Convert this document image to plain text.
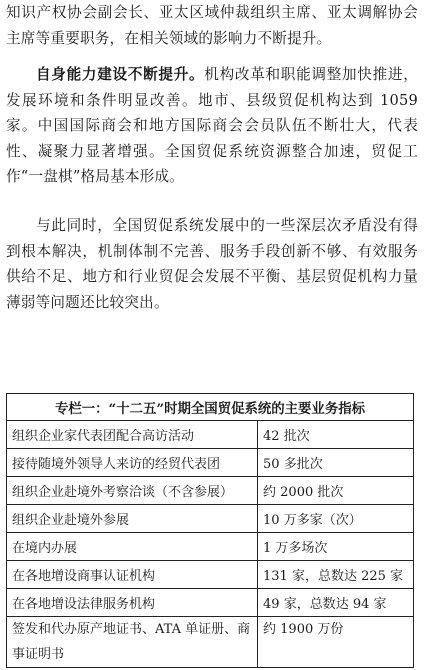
知识产权协会副会长、亚太区域仲裁组织主席、亚太调解协会主席等重要职务，在相关领域的影响力不断提升。

自身能力建设不断提升。机构改革和职能调整加快推进，发展环境和条件明显改善。地市、县级贸促机构达到 1059 家。中国国际商会和地方国际商会会员队伍不断壮大，代表性、凝聚力显著增强。全国贸促系统资源整合加速，贸促工作“一盘棋”格局基本形成。

与此同时，全国贸促系统发展中的一些深层次矛盾没有得到根本解决，机制体制不完善、服务手段创新不够、有效服务供给不足、地方和行业贸促会发展不平衡、基层贸促机构力量薄弱等问题还比较突出。

专栏一：“十二五”时期全国贸促系统的主要业务指标	
组织企业家代表团配合高访活动	42 批次
接待随境外领导人来访的经贸代表团	50 多批次
组织企业赴境外考察洽谈（不含参展）	约 2000 批次
组织企业赴境外参展	10 万多家（次）
在境内办展	1 万多场次
在各地增设商事认证机构	131 家，总数达 225 家
在各地增设法律服务机构	49 家，总数达 94 家
签发和代办原产地证书、ATA 单证册、商事证明书	约 1900 万份
